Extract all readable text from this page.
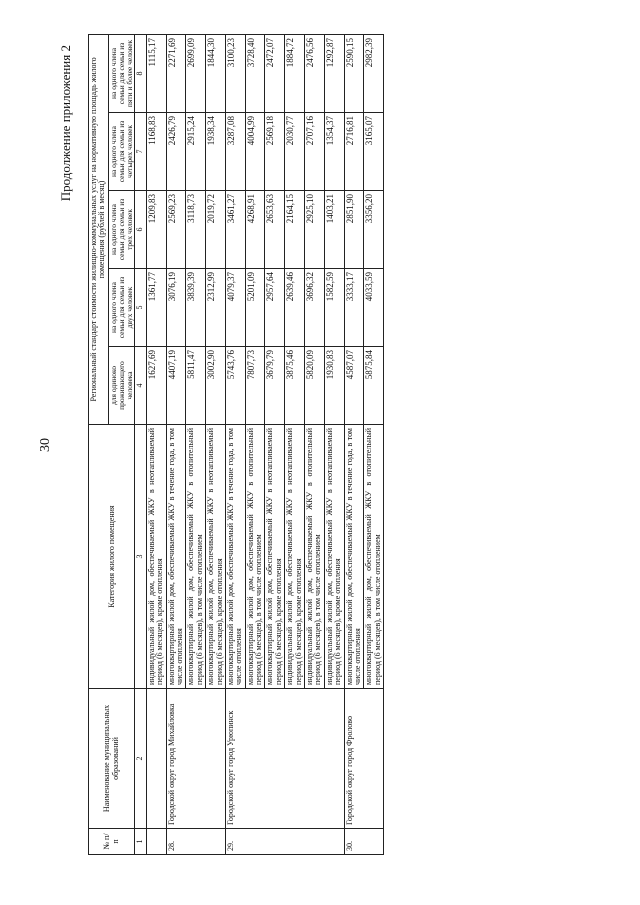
30
Продолжение приложения 2
№ п/п	Наименование муниципальных образований	Категория жилого помещения	Региональный стандарт стоимости жилищно-коммунальных услуг на нормативную площадь жилого помещения (рублей в месяц)				
			для одиноко проживающего человека	на одного члена семьи для семьи из двух человек	на одного члена семьи для семьи из трех человек	на одного члена семьи для семьи из четырех человек	на одного члена семьи для семьи из пяти и более человек
1	2	3	4	5	6	7	8
		индивидуальный жилой дом, обеспечиваемый ЖКУ в неотапливаемый период (6 месяцев), кроме отопления	1627,69	1361,77	1209,83	1168,83	1115,17
28.	Городской округ город Михайловка	многоквартирный жилой дом, обеспечиваемый ЖКУ в течение года, в том числе отопления	4407,19	3076,19	2569,23	2426,79	2271,69
		многоквартирный жилой дом, обеспечиваемый ЖКУ в отопительный период (6 месяцев), в том числе отоплением	5811,47	3839,39	3118,73	2915,24	2699,09
		многоквартирный жилой дом, обеспечиваемый ЖКУ в неотапливаемый период (6 месяцев), кроме отопления	3002,90	2312,99	2019,72	1938,34	1844,30
29.	Городской округ город Урюпинск	многоквартирный жилой дом, обеспечиваемый ЖКУ в течение года, в том числе отопления	5743,76	4079,37	3461,27	3287,08	3100,23
		многоквартирный жилой дом, обеспечиваемый ЖКУ в отопительный период (6 месяцев), в том числе отоплением	7807,73	5201,09	4268,91	4004,99	3728,40
		многоквартирный жилой дом, обеспечиваемый ЖКУ в неотапливаемый период (6 месяцев), кроме отопления	3679,79	2957,64	2653,63	2569,18	2472,07
		индивидуальный жилой дом, обеспечиваемый ЖКУ в неотапливаемый период (6 месяцев), кроме отопления	3875,46	2639,46	2164,15	2030,77	1884,72
		индивидуальный жилой дом, обеспечиваемый ЖКУ в отопительный период (6 месяцев), в том числе отоплением	5820,09	3696,32	2925,10	2707,16	2476,56
		индивидуальный жилой дом, обеспечиваемый ЖКУ в неотапливаемый период (6 месяцев), кроме отопления	1930,83	1582,59	1403,21	1354,37	1292,87
30.	Городской округ город Фролово	многоквартирный жилой дом, обеспечиваемый ЖКУ в течение года, в том числе отопления	4587,07	3333,17	2851,90	2716,81	2590,15
		многоквартирный жилой дом, обеспечиваемый ЖКУ в отопительный период (6 месяцев), в том числе отоплением	5875,84	4033,59	3356,20	3165,07	2982,39
